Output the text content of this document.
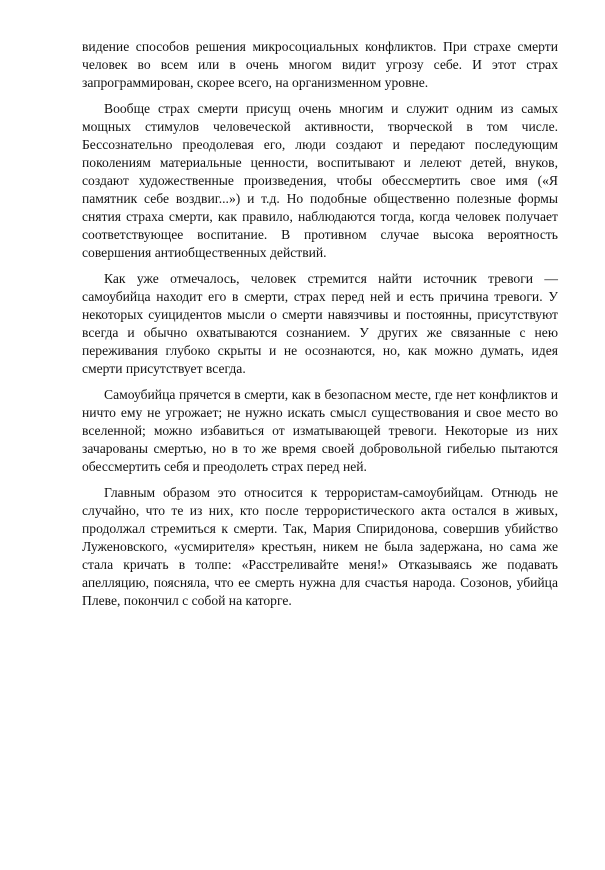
видение способов решения микросоциальных конфликтов. При страхе смерти человек во всем или в очень многом видит угрозу себе. И этот страх запрограммирован, скорее всего, на организменном уровне.

Вообще страх смерти присущ очень многим и служит одним из самых мощных стимулов человеческой активности, творческой в том числе. Бессознательно преодолевая его, люди создают и передают последующим поколениям материальные ценности, воспитывают и лелеют детей, внуков, создают художественные произведения, чтобы обессмертить свое имя («Я памятник себе воздвиг...») и т.д. Но подобные общественно полезные формы снятия страха смерти, как правило, наблюдаются тогда, когда человек получает соответствующее воспитание. В противном случае высока вероятность совершения антиобщественных действий.

Как уже отмечалось, человек стремится найти источник тревоги — самоубийца находит его в смерти, страх перед ней и есть причина тревоги. У некоторых суицидентов мысли о смерти навязчивы и постоянны, присутствуют всегда и обычно охватываются сознанием. У других же связанные с нею переживания глубоко скрыты и не осознаются, но, как можно думать, идея смерти присутствует всегда.

Самоубийца прячется в смерти, как в безопасном месте, где нет конфликтов и ничто ему не угрожает; не нужно искать смысл существования и свое место во вселенной; можно избавиться от изматывающей тревоги. Некоторые из них зачарованы смертью, но в то же время своей добровольной гибелью пытаются обессмертить себя и преодолеть страх перед ней.

Главным образом это относится к террористам-самоубийцам. Отнюдь не случайно, что те из них, кто после террористического акта остался в живых, продолжал стремиться к смерти. Так, Мария Спиридонова, совершив убийство Луженовского, «усмирителя» крестьян, никем не была задержана, но сама же стала кричать в толпе: «Расстреливайте меня!» Отказываясь же подавать апелляцию, поясняла, что ее смерть нужна для счастья народа. Созонов, убийца Плеве, покончил с собой на каторге.
